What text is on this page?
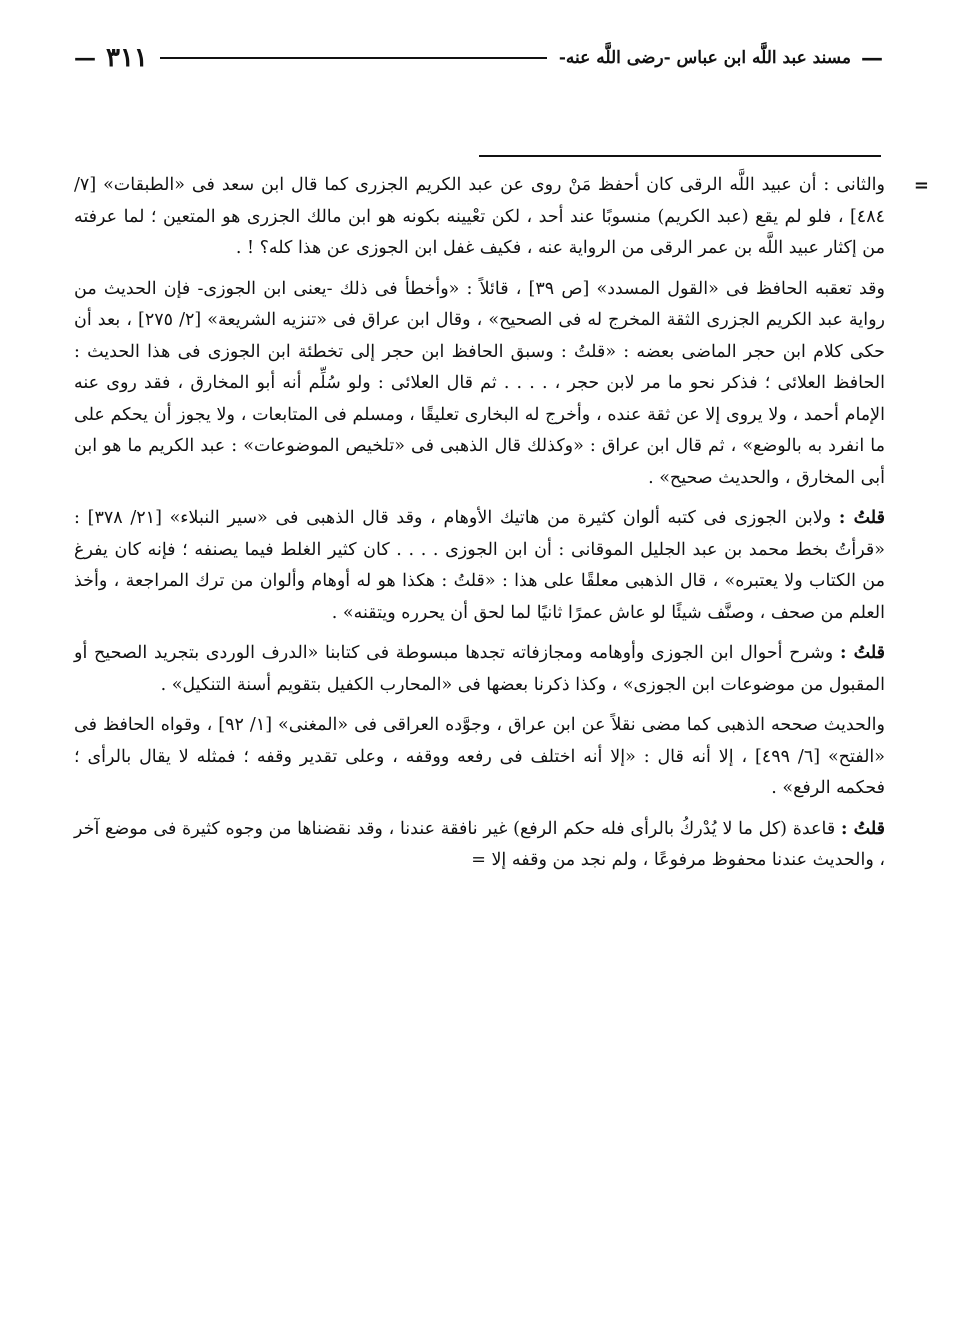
—
مسند عبد اللَّه ابن عباس -رضى اللَّه عنه-
٣١١
—

=
والثانى : أن عبيد اللَّه الرقى كان أحفظ مَنْ روى عن عبد الكريم الجزرى كما قال ابن سعد فى «الطبقات» [٧/ ٤٨٤] ، فلو لم يقع (عبد الكريم) منسوبًا عند أحد ، لكن تعْيينه بكونه هو ابن مالك الجزرى هو المتعين ؛ لما عرفته من إكثار عبيد اللَّه بن عمر الرقى من الرواية عنه ، فكيف غفل ابن الجوزى عن هذا كله؟ ! .

وقد تعقبه الحافظ فى «القول المسدد» [ص ٣٩] ، قائلاً : «وأخطأ فى ذلك -يعنى ابن الجوزى- فإن الحديث من رواية عبد الكريم الجزرى الثقة المخرج له فى الصحيح» ، وقال ابن عراق فى «تنزيه الشريعة» [٢/ ٢٧٥] ، بعد أن حكى كلام ابن حجر الماضى بعضه : «قلتُ : وسبق الحافظ ابن حجر إلى تخطئة ابن الجوزى فى هذا الحديث : الحافظ العلائى ؛ فذكر نحو ما مر لابن حجر ، . . . . ثم قال العلائى : ولو سُلِّم أنه أبو المخارق ، فقد روى عنه الإمام أحمد ، ولا يروى إلا عن ثقة عنده ، وأخرج له البخارى تعليقًا ، ومسلم فى المتابعات ، ولا يجوز أن يحكم على ما انفرد به بالوضع» ، ثم قال ابن عراق : «وكذلك قال الذهبى فى «تلخيص الموضوعات» : عبد الكريم ما هو ابن أبى المخارق ، والحديث صحيح» .

قلتُ : ولابن الجوزى فى كتبه ألوان كثيرة من هاتيك الأوهام ، وقد قال الذهبى فى «سير النبلاء» [٢١/ ٣٧٨] : «قرأتُ بخط محمد بن عبد الجليل الموقانى : أن ابن الجوزى . . . . كان كثير الغلط فيما يصنفه ؛ فإنه كان يفرغ من الكتاب ولا يعتبره» ، قال الذهبى معلقًا على هذا : «قلتُ : هكذا هو له أوهام وألوان من ترك المراجعة ، وأخذ العلم من صحف ، وصنَّف شيئًا لو عاش عمرًا ثانيًا لما لحق أن يحرره ويتقنه» .

قلتُ : وشرح أحوال ابن الجوزى وأوهامه ومجازفاته تجدها مبسوطة فى كتابنا «الدرف الوردى بتجريد الصحيح أو المقبول من موضوعات ابن الجوزى» ، وكذا ذكرنا بعضها فى «المحارب الكفيل بتقويم أسنة التنكيل» .

والحديث صححه الذهبى كما مضى نقلاً عن ابن عراق ، وجوَّده العراقى فى «المغنى» [١/ ٩٢] ، وقواه الحافظ فى «الفتح» [٦/ ٤٩٩] ، إلا أنه قال : «إلا أنه اختلف فى رفعه ووقفه ، وعلى تقدير وقفه ؛ فمثله لا يقال بالرأى ؛ فحكمه الرفع» .

قلتُ : قاعدة (كل ما لا يُدْركُ بالرأى فله حكم الرفع) غير نافقة عندنا ، وقد نقضناها من وجوه كثيرة فى موضع آخر ، والحديث عندنا محفوظ مرفوعًا ، ولم نجد من وقفه إلا =
